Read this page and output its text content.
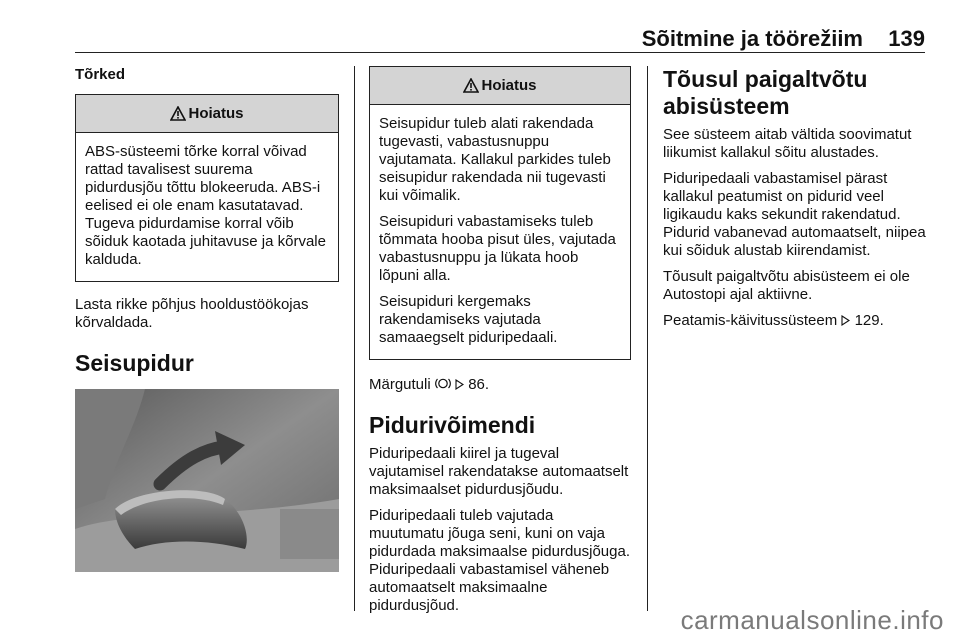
Sõitmine ja töörežiim 139
Tõrked
Hoiatus

ABS-süsteemi tõrke korral võivad rattad tavalisest suurema pidurdusjõu tõttu blokeeruda. ABS-i eelised ei ole enam kasutatavad. Tugeva pidurdamise korral võib sõiduk kaotada juhitavuse ja kõrvale kalduda.

Lasta rikke põhjus hooldustöökojas kõrvaldada.

Seisupidur
Hoiatus

Seisupidur tuleb alati rakendada tugevasti, vabastusnuppu vajutamata. Kallakul parkides tuleb seisupidur rakendada nii tugevasti kui võimalik.

Seisupiduri vabastamiseks tuleb tõmmata hooba pisut üles, vajutada vabastusnuppu ja lükata hoob lõpuni alla.

Seisupiduri kergemaks rakendamiseks vajutada samaaegselt piduripedaali.

Märgutuli	86.

Pidurivõimendi

Piduripedaali kiirel ja tugeval vajutamisel rakendatakse automaatselt maksimaalset pidurdusjõudu.

Piduripedaali tuleb vajutada muutumatu jõuga seni, kuni on vaja pidurdada maksimaalse pidurdusjõuga. Piduripedaali vabastamisel väheneb automaatselt maksimaalne pidurdusjõud.

Tõusul paigaltvõtu abisüsteem

See süsteem aitab vältida soovimatut liikumist kallakul sõitu alustades.

Piduripedaali vabastamisel pärast kallakul peatumist on pidurid veel ligikaudu kaks sekundit rakendatud. Pidurid vabanevad automaatselt, niipea kui sõiduk alustab kiirendamist.

Tõusult paigaltvõtu abisüsteem ei ole Autostopi ajal aktiivne.

Peatamis-käivitussüsteem 129.

carmanualsonline.info
